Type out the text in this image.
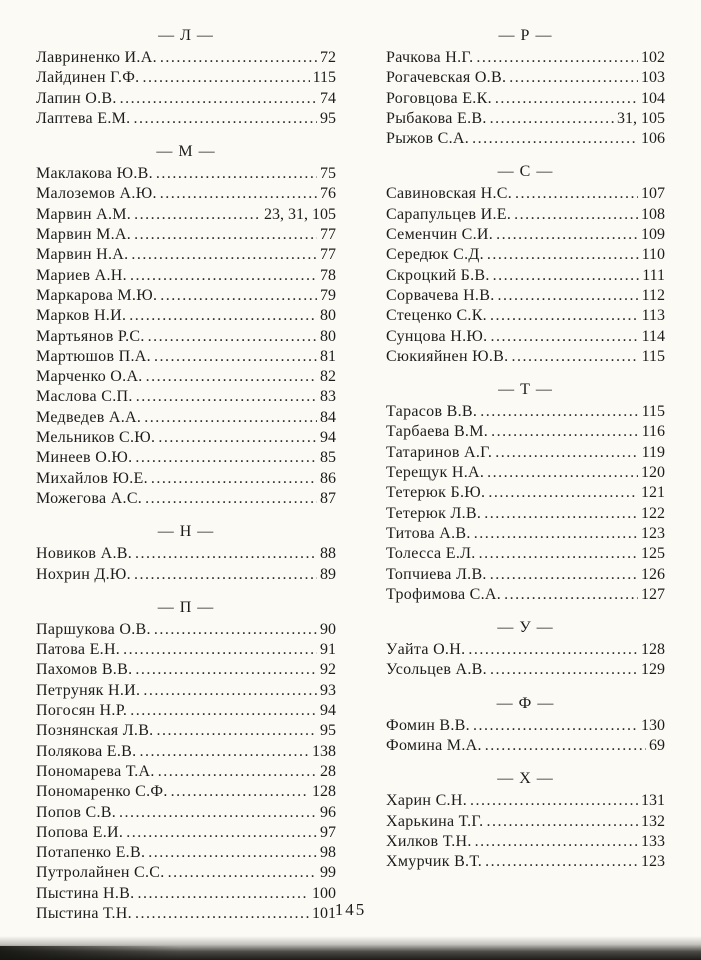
— Л —
Лавриненко И.А. .....	72
Лайдинен Г.Ф. .....	115
Лапин О.В. .....	74
Лаптева Е.М. .....	95
— М —
Маклакова Ю.В. .....	75
Малоземов А.Ю. .....	76
Марвин А.М. .....	23, 31, 105
Марвин М.А. .....	77
Марвин Н.А. .....	77
Мариев А.Н. .....	78
Маркарова М.Ю. .....	79
Марков Н.И. .....	80
Мартьянов Р.С. .....	80
Мартюшов П.А. .....	81
Марченко О.А. .....	82
Маслова С.П. .....	83
Медведев А.А. .....	84
Мельников С.Ю. .....	94
Минеев О.Ю. .....	85
Михайлов Ю.Е. .....	86
Можегова А.С. .....	87
— Н —
Новиков А.В. .....	88
Нохрин Д.Ю. .....	89
— П —
Паршукова О.В. .....	90
Патова Е.Н. .....	91
Пахомов В.В. .....	92
Петруняк Н.И. .....	93
Погосян Н.Р. .....	94
Познянская Л.В. .....	95
Полякова Е.В. .....	138
Пономарева Т.А. .....	28
Пономаренко С.Ф. .....	128
Попов С.В. .....	96
Попова Е.И. .....	97
Потапенко Е.В. .....	98
Путролайнен С.С. .....	99
Пыстина Н.В. .....	100
Пыстина Т.Н. .....	101
— Р —
Рачкова Н.Г. .....	102
Рогачевская О.В. .....	103
Роговцова Е.К. .....	104
Рыбакова Е.В. .....	31, 105
Рыжов С.А. .....	106
— С —
Савиновская Н.С. .....	107
Сарапульцев И.Е. .....	108
Семенчин С.И. .....	109
Середюк С.Д. .....	110
Скроцкий Б.В. .....	111
Сорвачева Н.В. .....	112
Стеценко С.К. .....	113
Сунцова Н.Ю. .....	114
Сюкияйнен Ю.В. .....	115
— Т —
Тарасов В.В. .....	115
Тарбаева В.М. .....	116
Татаринов А.Г. .....	119
Терещук Н.А. .....	120
Тетерюк Б.Ю. .....	121
Тетерюк Л.В. .....	122
Титова А.В. .....	123
Толесса Е.Л. .....	125
Топчиева Л.В. .....	126
Трофимова С.А. .....	127
— У —
Уайта О.Н. .....	128
Усольцев А.В. .....	129
— Ф —
Фомин В.В. .....	130
Фомина М.А. .....	69
— Х —
Харин С.Н. .....	131
Харькина Т.Г. .....	132
Хилков Т.Н. .....	133
Хмурчик В.Т. .....	123
145
